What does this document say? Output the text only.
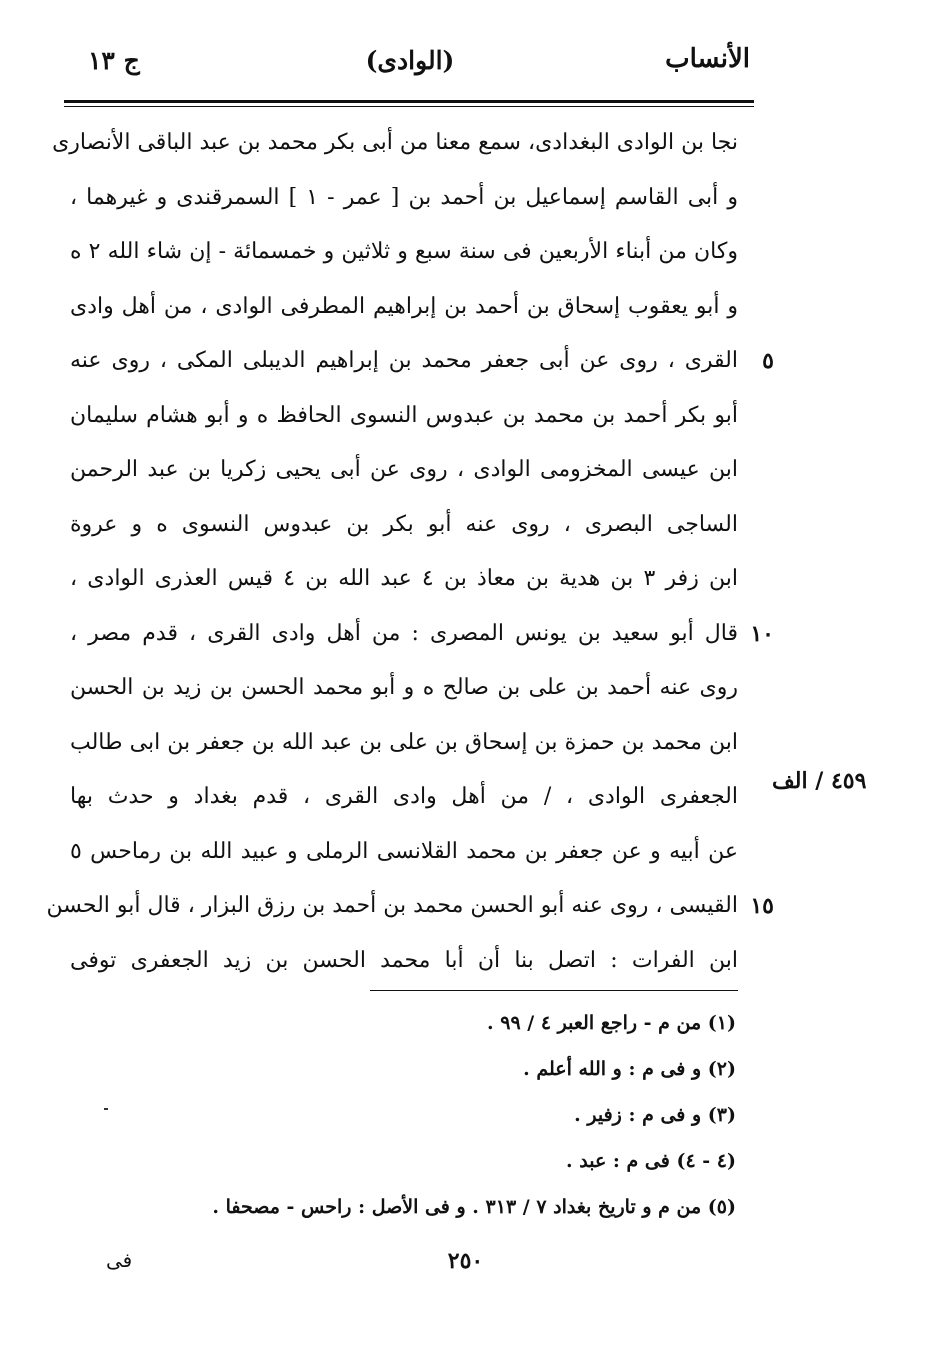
الأنساب
(الوادى)
ج ١٣
نجا بن الوادى البغدادى، سمع معنا من أبى بكر محمد بن عبد الباقى الأنصارى
و أبى القاسم إسماعيل بن أحمد بن [ عمر - ١ ] السمرقندى و غيرهما ،
وكان من أبناء الأربعين فى سنة سبع و ثلاثين و خمسمائة - إن شاء الله ٢ ه
و أبو يعقوب إسحاق بن أحمد بن إبراهيم المطرفى الوادى ، من أهل وادى
٥
القرى ، روى عن أبى جعفر محمد بن إبراهيم الديبلى المكى ، روى عنه
أبو بكر أحمد بن محمد بن عبدوس النسوى الحافظ ه و أبو هشام سليمان
ابن عيسى المخزومى الوادى ، روى عن أبى يحيى زكريا بن عبد الرحمن
الساجى البصرى ، روى عنه أبو بكر بن عبدوس النسوى ه و عروة
ابن زفر ٣ بن هدية بن معاذ بن ٤ عبد الله بن ٤ قيس العذرى الوادى ،
١٠
قال أبو سعيد بن يونس المصرى : من أهل وادى القرى ، قدم مصر ،
روى عنه أحمد بن على بن صالح ه و أبو محمد الحسن بن زيد بن الحسن
ابن محمد بن حمزة بن إسحاق بن على بن عبد الله بن جعفر بن ابى طالب
الجعفرى الوادى ، / من أهل وادى القرى ، قدم بغداد و حدث بها
عن أبيه و عن جعفر بن محمد القلانسى الرملى و عبيد الله بن رماحس ٥
١٥
القيسى ، روى عنه أبو الحسن محمد بن أحمد بن رزق البزار ، قال أبو الحسن
ابن الفرات : اتصل بنا أن أبا محمد الحسن بن زيد الجعفرى توفى
٤٥٩ / الف
(١) من م - راجع العبر ٤ / ٩٩ .
(٢) و فى م : و الله أعلم .
(٣) و فى م : زفير .
(٤ - ٤) فى م : عبد .
(٥) من م و تاريخ بغداد ٧ / ٣١٣ . و فى الأصل : راحس - مصحفا .
٢٥٠
فى
